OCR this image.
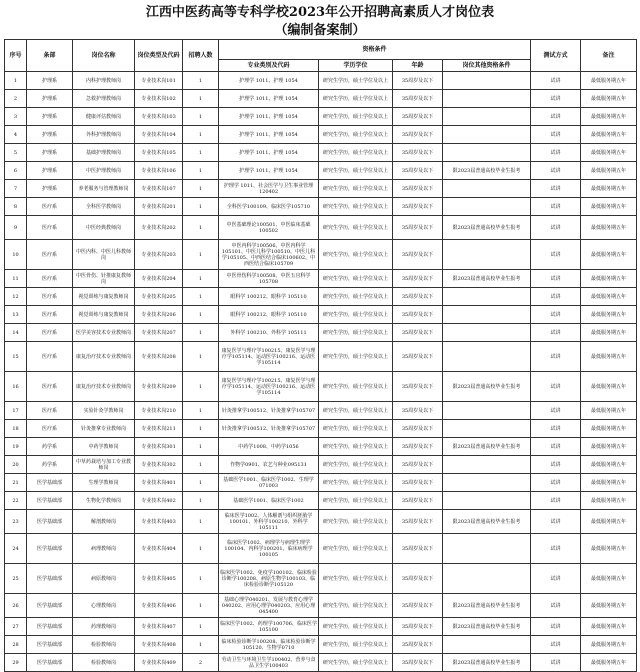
江西中医药高等专科学校2023年公开招聘高素质人才岗位表
（编制备案制）
序号	条部	岗位名称	岗位类型及代码	招聘人数	资格条件				测试方式	备注
					专业类别及代码	学历学位	年龄	岗位其他资格条件		
1	护理系	内科护理教师岗	专业技术岗101	1	护理学 1011、护理 1054	研究生学历，硕士学位及以上	35周岁及以下		试讲	最低服务期五年
2	护理系	急救护理教师岗	专业技术岗102	1	护理学 1011、护理 1054	研究生学历，硕士学位及以上	35周岁及以下		试讲	最低服务期五年
3	护理系	健康评估教师岗	专业技术岗103	1	护理学 1011、护理 1054	研究生学历，硕士学位及以上	35周岁及以下		试讲	最低服务期五年
4	护理系	外科护理教师岗	专业技术岗104	1	护理学 1011、护理 1054	研究生学历，硕士学位及以上	35周岁及以下		试讲	最低服务期五年
5	护理系	基础护理教师岗	专业技术岗105	1	护理学 1011、护理 1054	研究生学历，硕士学位及以上	35周岁及以下		试讲	最低服务期五年
6	护理系	中医护理教师岗	专业技术岗106	1	护理学 1011、护理 1054	研究生学历，硕士学位及以上	35周岁及以下	限2023届普通高校毕业生报考	试讲	最低服务期五年
7	护理系	养老服务与管理教师岗	专业技术岗107	1	护理学 1011、社会医学与卫生事业管理120402	研究生学历，硕士学位及以上	35周岁及以下		试讲	最低服务期五年
8	医疗系	全科医学教师岗	专业技术岗201	1	全科医学100109、临床医学105710	研究生学历，硕士学位及以上	35周岁及以下		试讲	最低服务期五年
9	医疗系	中医经典教师岗	专业技术岗202	1	中医基础理论100501、中医临床基础100502	研究生学历，硕士学位及以上	35周岁及以下	限2023届普通高校毕业生报考	试讲	最低服务期五年
10	医疗系	中医内科、中医儿科教师岗	专业技术岗203	1	中医内科学100506、中医内科学105101、中医儿科学100510、中医儿科学105105、中西医结合临床100602、中西医结合临床105709	研究生学历，硕士学位及以上	35周岁及以下		试讲	最低服务期五年
11	医疗系	中医骨伤、针推康复教师岗	专业技术岗204	1	中医骨伤科学100508、中医五官科学105708	研究生学历，硕士学位及以上	35周岁及以下	限2023届普通高校毕业生报考	试讲	最低服务期五年
12	医疗系	视觉训练与康复教师岗	专业技术岗205	1	眼科学 100212、眼科学 105110	研究生学历，硕士学位及以上	35周岁及以下		试讲	最低服务期五年
13	医疗系	视觉训练与康复教师岗	专业技术岗206	1	眼科学 100212、眼科学 105110	研究生学历，硕士学位及以上	35周岁及以下		试讲	最低服务期五年
14	医疗系	医学美容技术专业教师岗	专业技术岗207	1	外科学 100210、外科学 105111	研究生学历，硕士学位及以上	35周岁及以下		试讲	最低服务期五年
15	医疗系	康复治疗技术专业教师岗	专业技术岗208	1	康复医学与理疗学100215、康复医学与理疗学105114、运动医学100216、运动医学105114	研究生学历，硕士学位及以上	35周岁及以下		试讲	最低服务期五年
16	医疗系	康复治疗技术专业教师岗	专业技术岗209	1	康复医学与理疗学100215、康复医学与理疗学105114、运动医学100216、运动医学105114	研究生学历，硕士学位及以上	35周岁及以下	限2023届普通高校毕业生报考	试讲	最低服务期五年
17	医疗系	实验针灸学教师岗	专业技术岗210	1	针灸推拿学100512、针灸推拿学105707	研究生学历，硕士学位及以上	35周岁及以下		试讲	最低服务期五年
18	医疗系	针灸推拿专业教师岗	专业技术岗211	1	针灸推拿学100512、针灸推拿学105707	研究生学历，硕士学位及以上	35周岁及以下		试讲	最低服务期五年
19	药学系	中药学教师岗	专业技术岗301	1	中药学1008、中药学1056	研究生学历，硕士学位及以上	35周岁及以下	限2023届普通高校毕业生报考	试讲	最低服务期五年
20	药学系	中草药栽培与加工专业教师岗	专业技术岗302	1	作物学0901、农艺与种业095131	研究生学历，硕士学位及以上	35周岁及以下		试讲	最低服务期五年
21	医学基础部	生理学教师岗	专业技术岗401	1	基础医学1001、临床医学1002、生理学071003	研究生学历，硕士学位及以上	35周岁及以下		试讲	最低服务期五年
22	医学基础部	生物化学教师岗	专业技术岗402	1	基础医学1001、临床医学1002	研究生学历，硕士学位及以上	35周岁及以下		试讲	最低服务期五年
23	医学基础部	解剖教师岗	专业技术岗403	1	临床医学1002、人体解剖与组织胚胎学100101、外科学100210、外科学105111	研究生学历，硕士学位及以上	35周岁及以下	限2023届普通高校毕业生报考	试讲	最低服务期五年
24	医学基础部	病理教师岗	专业技术岗404	1	临床医学1002、病理学与病理生理学100104、内科学100201、临床病理学100105	研究生学历，硕士学位及以上	35周岁及以下		试讲	最低服务期五年
25	医学基础部	病原教师岗	专业技术岗405	1	临床医学1002、免疫学100102、临床检验诊断学100208、病原生物学100103、临床检验诊断学105120	研究生学历，硕士学位及以上	35周岁及以下		试讲	最低服务期五年
26	医学基础部	心理教师岗	专业技术岗406	1	基础心理学040201、发展与教育心理学040202、应用心理学040203、应用心理045400	研究生学历，硕士学位及以上	35周岁及以下	限2023届普通高校毕业生报考	试讲	最低服务期五年
27	医学基础部	药理教师岗	专业技术岗407	1	临床医学1002、药理学100706、临床医学105100	研究生学历，硕士学位及以上	35周岁及以下	限2023届普通高校毕业生报考	试讲	最低服务期五年
28	医学基础部	检验教师岗	专业技术岗408	1	临床检验诊断学100208、临床检验诊断学105120、生物学0710	研究生学历，硕士学位及以上	35周岁及以下		试讲	最低服务期五年
29	医学基础部	检验教师岗	专业技术岗409	2	劳动卫生与环境卫生学100402、营养与食品卫生学100403	研究生学历，硕士学位及以上	35周岁及以下	限2023届普通高校毕业生报考	试讲	最低服务期五年
